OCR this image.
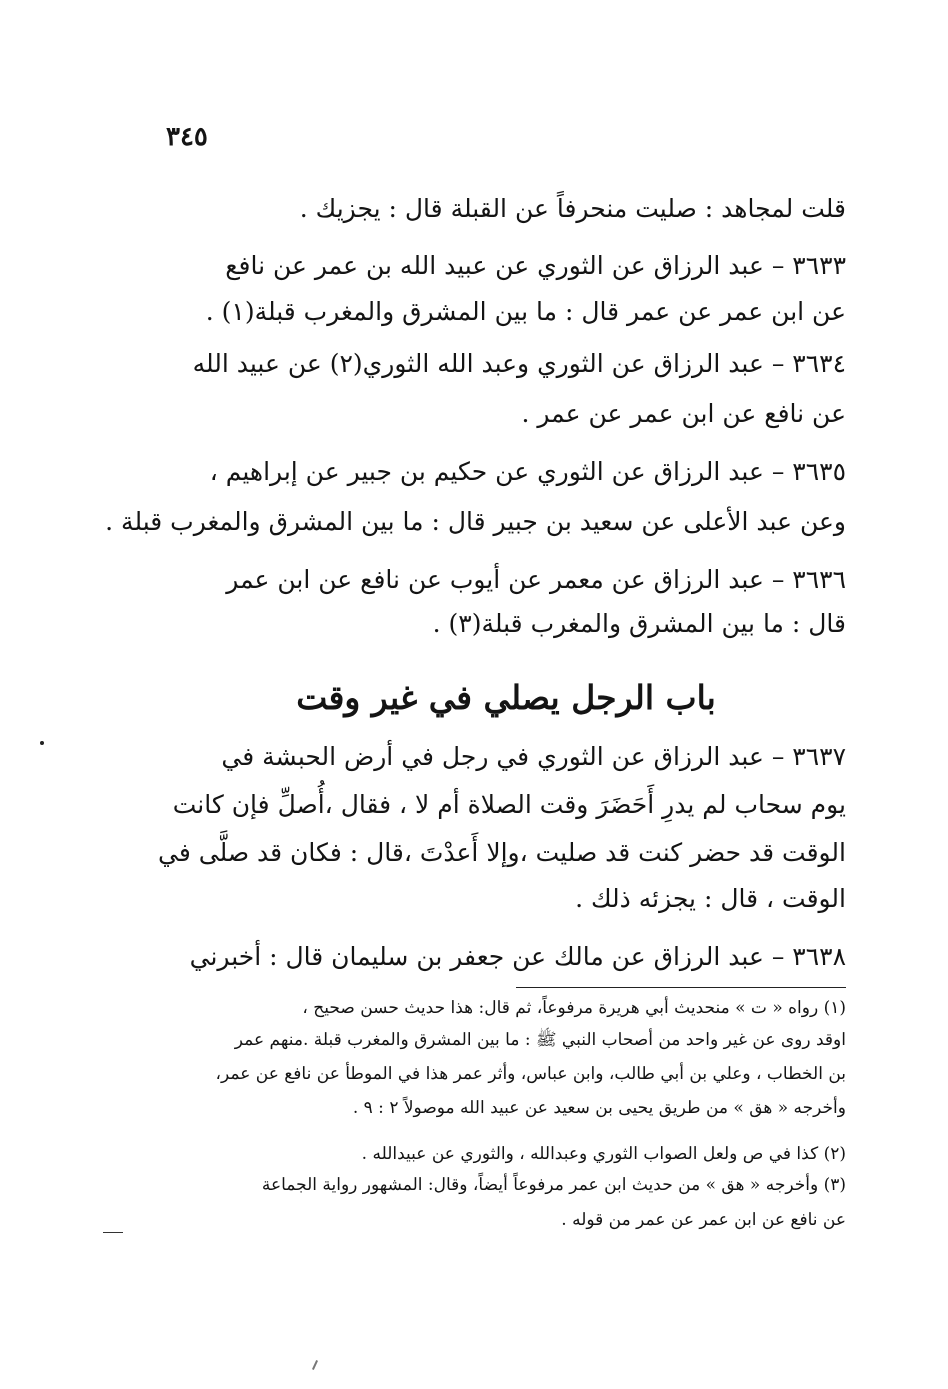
٣٤٥
قلت لمجاهد : صليت منحرفاً عن القبلة قال : يجزيك .
٣٦٣٣ – عبد الرزاق عن الثوري عن عبيد الله بن عمر عن نافع
عن ابن عمر عن عمر قال : ما بين المشرق والمغرب قبلة(١) .
٣٦٣٤ – عبد الرزاق عن الثوري وعبد الله الثوري(٢) عن عبيد الله
عن نافع عن ابن عمر عن عمر .
٣٦٣٥ – عبد الرزاق عن الثوري عن حكيم بن جبير عن إبراهيم ،
وعن عبد الأعلى عن سعيد بن جبير قال : ما بين المشرق والمغرب قبلة .
٣٦٣٦ – عبد الرزاق عن معمر عن أيوب عن نافع عن ابن عمر
قال : ما بين المشرق والمغرب قبلة(٣) .
باب الرجل يصلي في غير وقت
٣٦٣٧ – عبد الرزاق عن الثوري في رجل في أرض الحبشة في
يوم سحاب لم يدرِ أَحَضَرَ وقت الصلاة أم لا ، فقال ،أُصلِّ فإن كانت
الوقت قد حضر كنت قد صليت ،وإلا أَعدْتَ ،قال : فكان قد صلَّى في
الوقت ، قال : يجزئه ذلك .
٣٦٣٨ – عبد الرزاق عن مالك عن جعفر بن سليمان قال : أخبرني
(١) رواه « ت » منحديث أبي هريرة مرفوعاً، ثم قال: هذا حديث حسن صحيح ،
اوقد روى عن غير واحد من أصحاب النبي ﷺ : ما بين المشرق والمغرب قبلة .منهم عمر
بن الخطاب ، وعلي بن أبي طالب، وابن عباس، وأثر عمر هذا في الموطأ عن نافع عن عمر،
وأخرجه « هق » من طريق يحيى بن سعيد عن عبيد الله موصولاً ٢ : ٩ .
(٢) كذا في ص ولعل الصواب الثوري وعبدالله ، والثوري عن عبيدالله .
(٣) وأخرجه « هق » من حديث ابن عمر مرفوعاً أيضاً، وقال: المشهور رواية الجماعة
عن نافع عن ابن عمر عن عمر من قوله .
